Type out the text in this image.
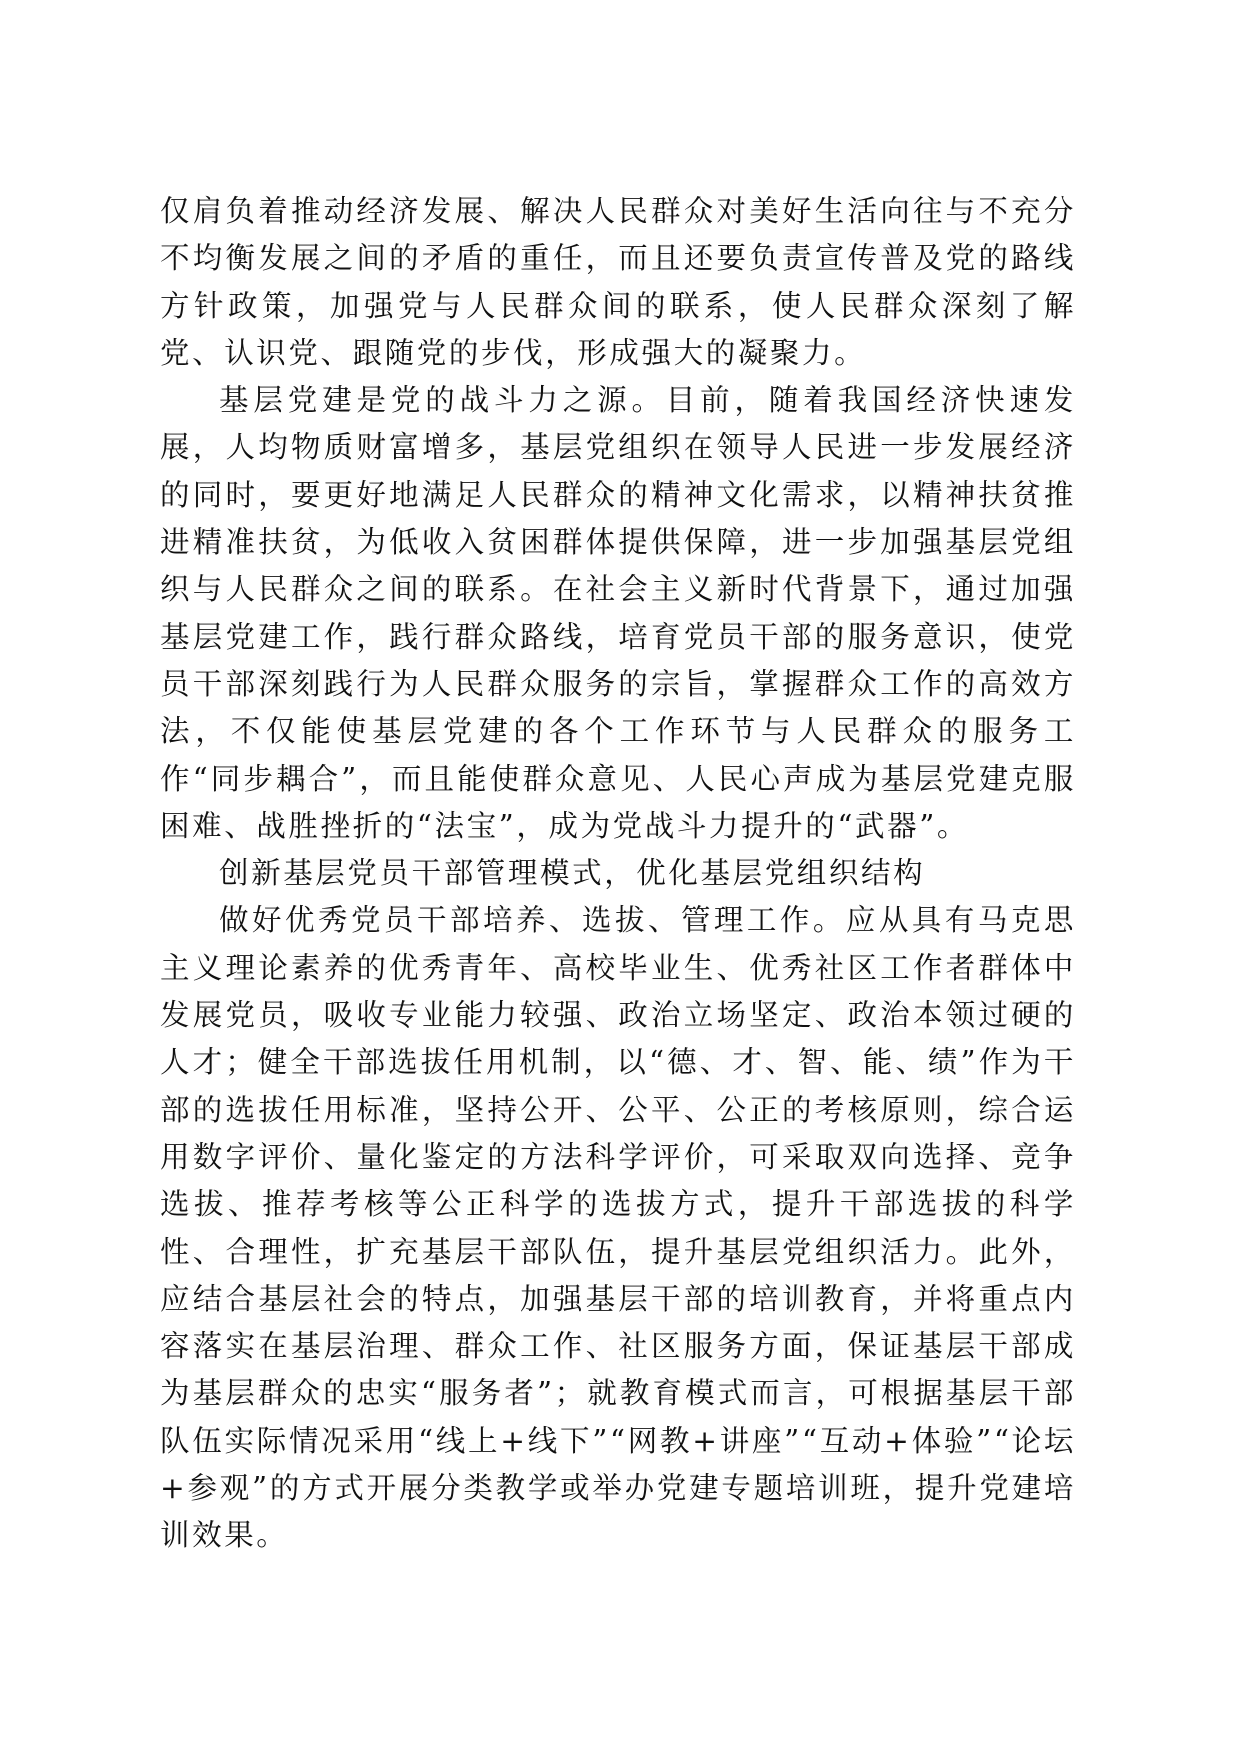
仅肩负着推动经济发展、解决人民群众对美好生活向往与不充分不均衡发展之间的矛盾的重任，而且还要负责宣传普及党的路线方针政策，加强党与人民群众间的联系，使人民群众深刻了解党、认识党、跟随党的步伐，形成强大的凝聚力。

基层党建是党的战斗力之源。目前，随着我国经济快速发展，人均物质财富增多，基层党组织在领导人民进一步发展经济的同时，要更好地满足人民群众的精神文化需求，以精神扶贫推进精准扶贫，为低收入贫困群体提供保障，进一步加强基层党组织与人民群众之间的联系。在社会主义新时代背景下，通过加强基层党建工作，践行群众路线，培育党员干部的服务意识，使党员干部深刻践行为人民群众服务的宗旨，掌握群众工作的高效方法，不仅能使基层党建的各个工作环节与人民群众的服务工作“同步耦合”，而且能使群众意见、人民心声成为基层党建克服困难、战胜挫折的“法宝”，成为党战斗力提升的“武器”。

创新基层党员干部管理模式，优化基层党组织结构

做好优秀党员干部培养、选拔、管理工作。应从具有马克思主义理论素养的优秀青年、高校毕业生、优秀社区工作者群体中发展党员，吸收专业能力较强、政治立场坚定、政治本领过硬的人才；健全干部选拔任用机制，以“德、才、智、能、绩”作为干部的选拔任用标准，坚持公开、公平、公正的考核原则，综合运用数字评价、量化鉴定的方法科学评价，可采取双向选择、竞争选拔、推荐考核等公正科学的选拔方式，提升干部选拔的科学性、合理性，扩充基层干部队伍，提升基层党组织活力。此外，应结合基层社会的特点，加强基层干部的培训教育，并将重点内容落实在基层治理、群众工作、社区服务方面，保证基层干部成为基层群众的忠实“服务者”；就教育模式而言，可根据基层干部队伍实际情况采用“线上+线下”“网教+讲座”“互动+体验”“论坛+参观”的方式开展分类教学或举办党建专题培训班，提升党建培训效果。
